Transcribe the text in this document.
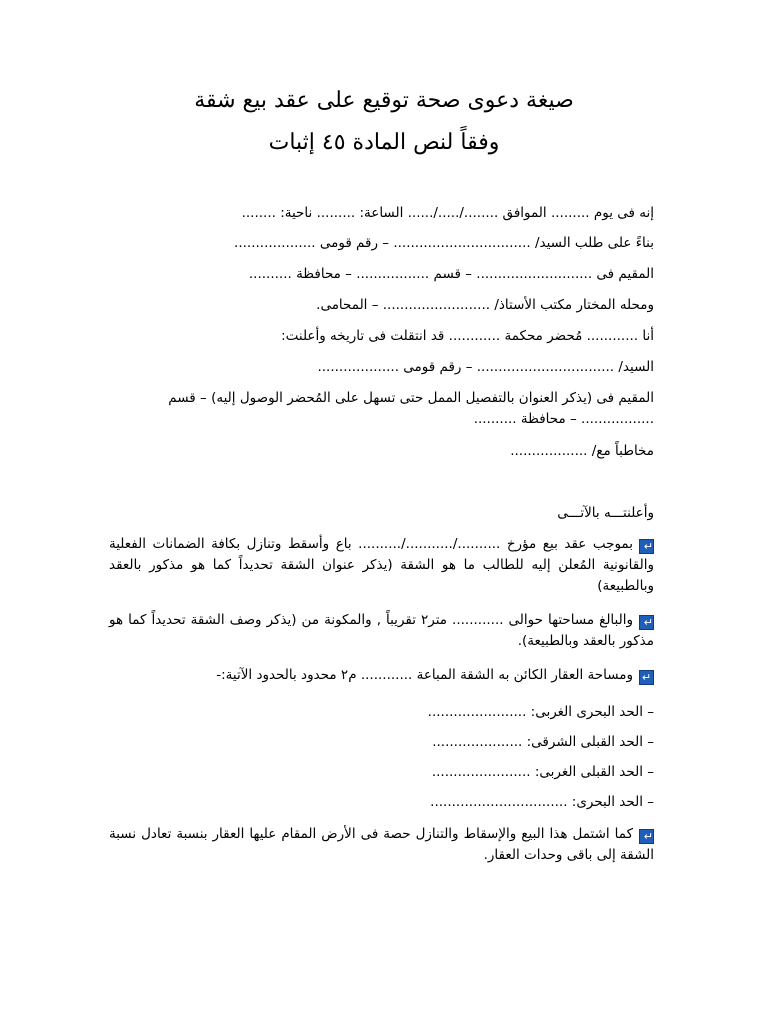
صيغة دعوى صحة توقيع على عقد بيع شقة
وفقاً لنص المادة ٤٥ إثبات
إنه فى يوم ......... الموافق ......../...../...... الساعة: ......... ناحية: ........
بناءً على طلب السيد/ ................................ – رقم قومى ...................
المقيم فى ........................... – قسم ................. – محافظة ..........
ومحله المختار مكتب الأستاذ/ ......................... – المحامى.
أنا ............ مُحضر محكمة ............ قد انتقلت فى تاريخه وأعلنت:
السيد/ ................................ – رقم قومى ...................
المقيم فى (يذكر العنوان بالتفصيل الممل حتى تسهل على المُحضر الوصول إليه) – قسم
................. – محافظة ..........
مخاطباً مع/ ..................
وأعلنتـــه بالآتـــى
↵بموجب عقد بيع مؤرخ ........../.........../.......... باع وأسقط وتنازل بكافة الضمانات الفعلية والقانونية المُعلن إليه للطالب ما هو الشقة (يذكر عنوان الشقة تحديداً كما هو مذكور بالعقد وبالطبيعة)
↵والبالغ مساحتها حوالى ............ متر٢ تقريباً , والمكونة من (يذكر وصف الشقة تحديداً كما هو مذكور بالعقد وبالطبيعة).
↵ومساحة العقار الكائن به الشقة المباعة ............ م٢ محدود بالحدود الآتية:-
– الحد البحرى الغربى: .......................
– الحد القبلى الشرقى: .....................
– الحد القبلى الغربى: .......................
– الحد البحرى: ................................
↵كما اشتمل هذا البيع والإسقاط والتنازل حصة فى الأرض المقام عليها العقار بنسبة تعادل نسبة الشقة إلى باقى وحدات العقار.
